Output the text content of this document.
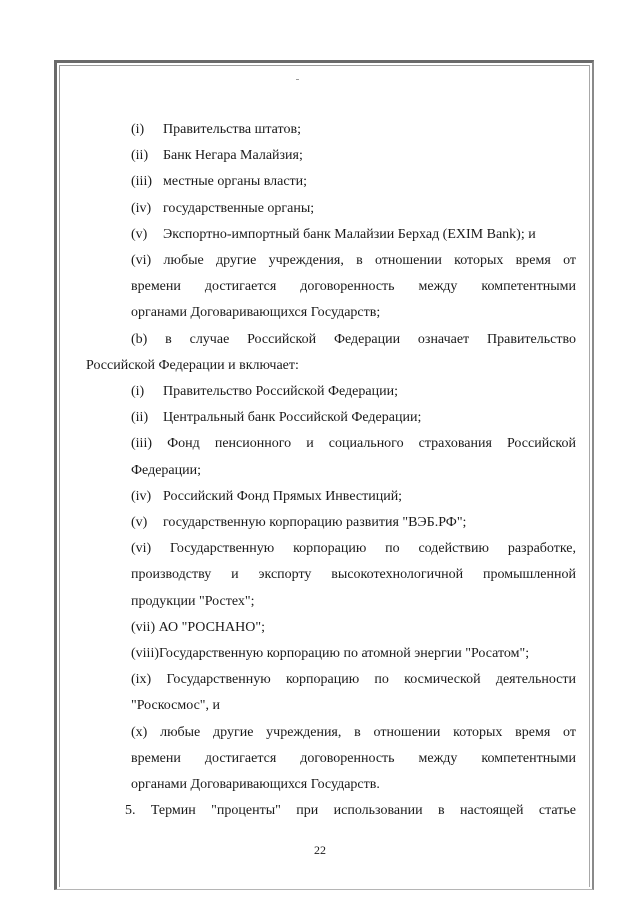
(i) Правительства штатов;
(ii) Банк Негара Малайзия;
(iii) местные органы власти;
(iv) государственные органы;
(v) Экспортно-импортный банк Малайзии Берхад (EXIM Bank); и
(vi) любые другие учреждения, в отношении которых время от
времени достигается договоренность между компетентными
органами Договаривающихся Государств;
(b) в случае Российской Федерации означает Правительство
Российской Федерации и включает:
(i) Правительство Российской Федерации;
(ii) Центральный банк Российской Федерации;
(iii) Фонд пенсионного и социального страхования Российской
Федерации;
(iv) Российский Фонд Прямых Инвестиций;
(v) государственную корпорацию развития "ВЭБ.РФ";
(vi) Государственную корпорацию по содействию разработке,
производству и экспорту высокотехнологичной промышленной
продукции "Ростех";
(vii) АО "РОСНАНО";
(viii)Государственную корпорацию по атомной энергии "Росатом";
(ix) Государственную корпорацию по космической деятельности
"Роскосмос", и
(x) любые другие учреждения, в отношении которых время от
времени достигается договоренность между компетентными
органами Договаривающихся Государств.
5. Термин "проценты" при использовании в настоящей статье
22
